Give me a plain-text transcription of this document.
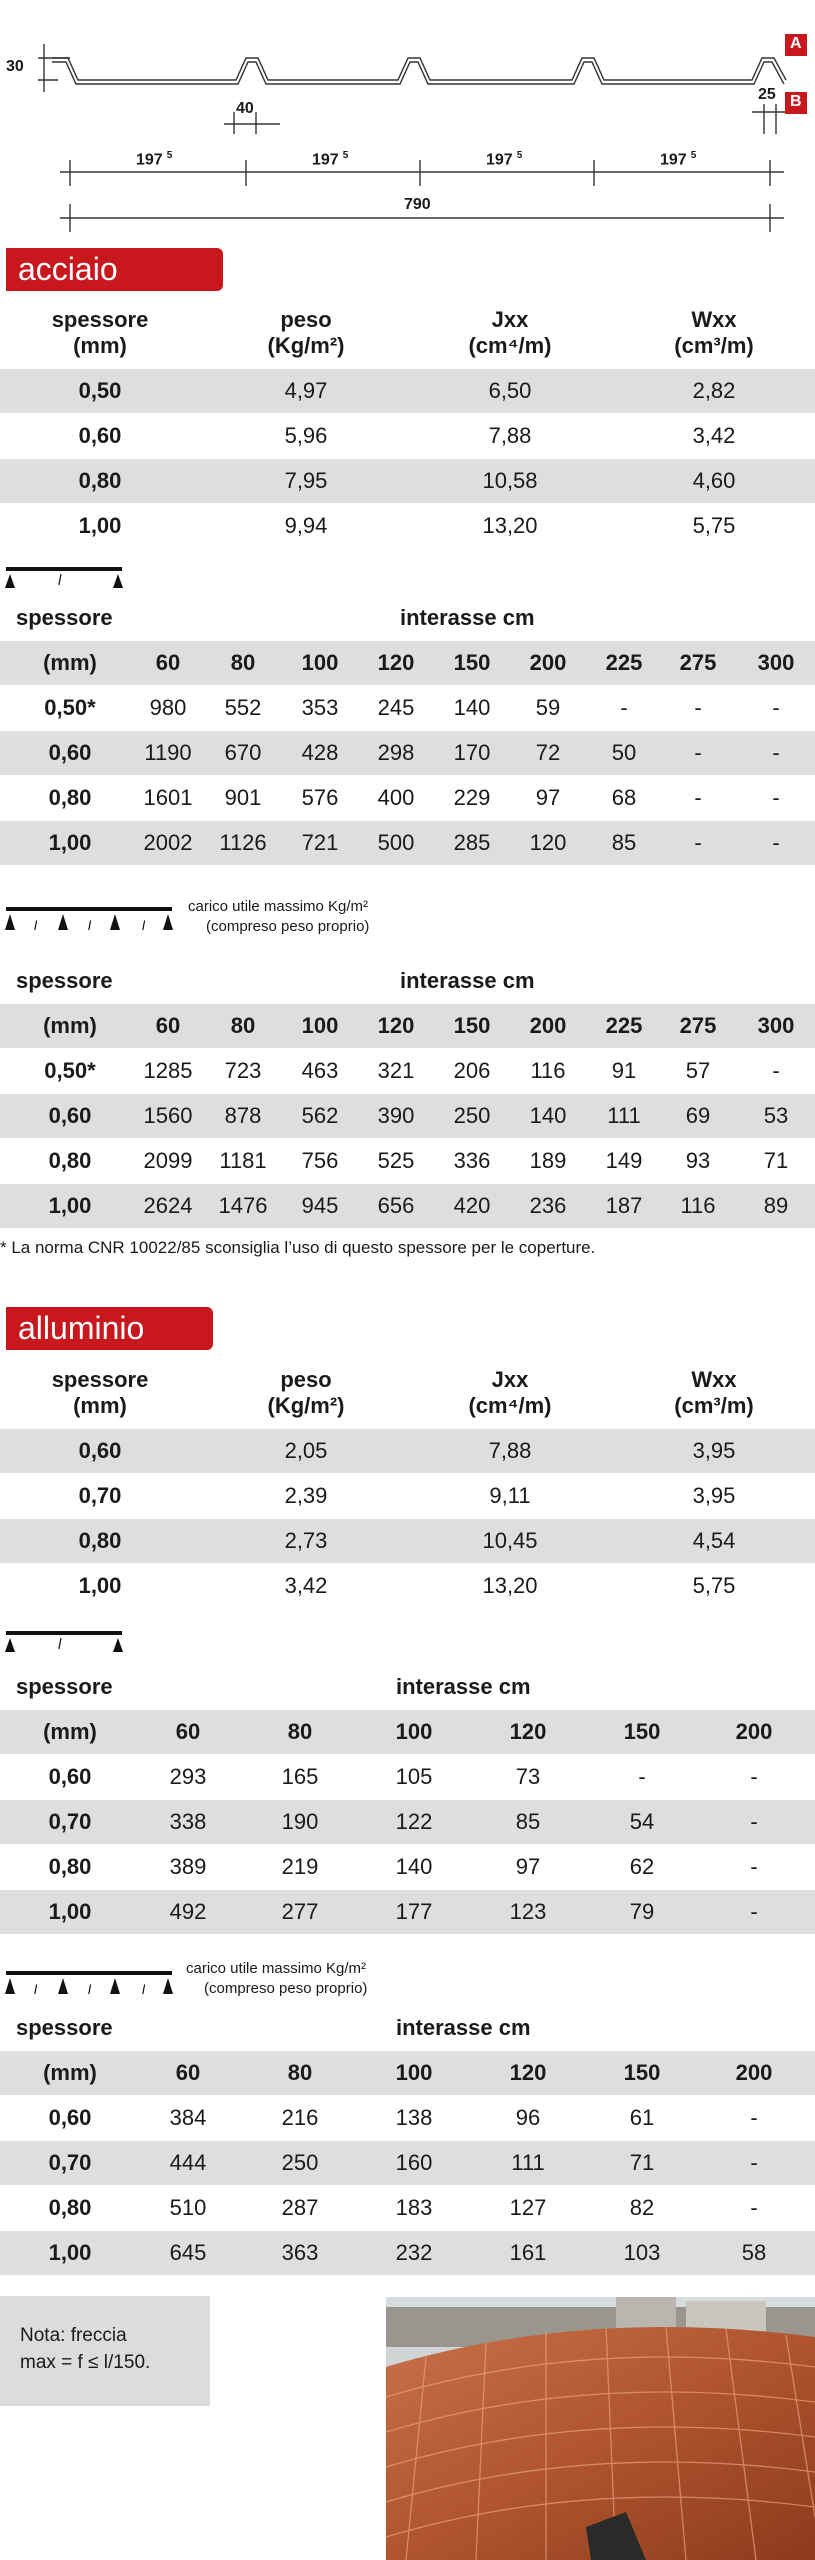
30
40
25
A
B
197 $^5$	197 $^5$	197 $^5$	197 $^5$
790
acciaio
spessore
(mm)
peso
(Kg/m²)
Jxx
(cm⁴/m)
Wxx
(cm³/m)
0,50	4,97	6,50	2,82
0,60	5,96	7,88	3,42
0,80	7,95	10,58	4,60
1,00	9,94	13,20	5,75
l
spessore	interasse cm
(mm)	60	80	100	120	150	200	225	275	300
0,50*	980	552	353	245	140	59	-	-	-
0,60	1190	670	428	298	170	72	50	-	-
0,80	1601	901	576	400	229	97	68	-	-
1,00	2002	1126	721	500	285	120	85	-	-
l	l	l
carico utile massimo Kg/m²
(compreso peso proprio)
spessore	interasse cm
(mm)	60	80	100	120	150	200	225	275	300
0,50*	1285	723	463	321	206	116	91	57	-
0,60	1560	878	562	390	250	140	111	69	53
0,80	2099	1181	756	525	336	189	149	93	71
1,00	2624	1476	945	656	420	236	187	116	89
* La norma CNR 10022/85 sconsiglia l’uso di questo spessore per le coperture.
alluminio
spessore
(mm)
peso
(Kg/m²)
Jxx
(cm⁴/m)
Wxx
(cm³/m)
0,60	2,05	7,88	3,95
0,70	2,39	9,11	3,95
0,80	2,73	10,45	4,54
1,00	3,42	13,20	5,75
l
spessore	interasse cm
(mm)	60	80	100	120	150	200
0,60	293	165	105	73	-	-
0,70	338	190	122	85	54	-
0,80	389	219	140	97	62	-
1,00	492	277	177	123	79	-
l	l	l
carico utile massimo Kg/m²
(compreso peso proprio)
spessore	interasse cm
(mm)	60	80	100	120	150	200
0,60	384	216	138	96	61	-
0,70	444	250	160	111	71	-
0,80	510	287	183	127	82	-
1,00	645	363	232	161	103	58
Nota: freccia
max = f ≤ l/150.
